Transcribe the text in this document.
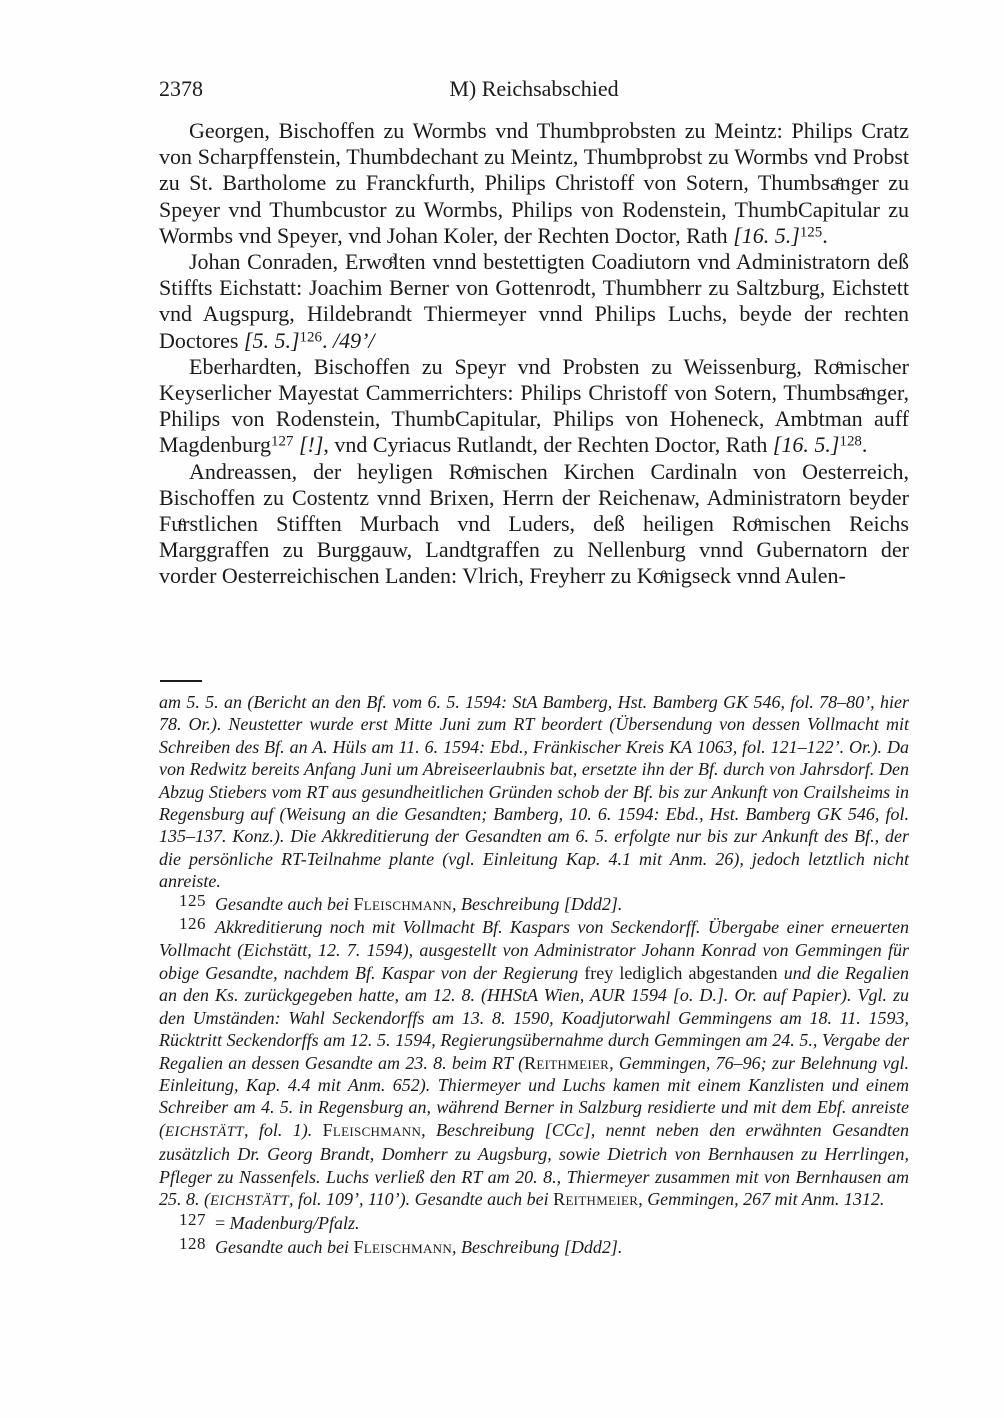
2378	M) Reichsabschied

Georgen, Bischoffen zu Wormbs vnd Thumbprobsten zu Meintz: Philips Cratz von Scharpffenstein, Thumbdechant zu Meintz, Thumbprobst zu Wormbs vnd Probst zu St. Bartholome zu Franckfurth, Philips Christoff von Sotern, Thumbsaͤnger zu Speyer vnd Thumbcustor zu Wormbs, Philips von Rodenstein, ThumbCapitular zu Wormbs vnd Speyer, vnd Johan Koler, der Rechten Doctor, Rath [16. 5.]$^{125}$.

Johan Conraden, Erwoͤlten vnnd bestettigten Coadiutorn vnd Administratorn deß Stiffts Eichstatt: Joachim Berner von Gottenrodt, Thumbherr zu Saltzburg, Eichstett vnd Augspurg, Hildebrandt Thiermeyer vnnd Philips Luchs, beyde der rechten Doctores [5. 5.]$^{126}$. /49’/

Eberhardten, Bischoffen zu Speyr vnd Probsten zu Weissenburg, Roͤmischer Keyserlicher Mayestat Cammerrichters: Philips Christoff von Sotern, Thumbsaͤnger, Philips von Rodenstein, ThumbCapitular, Philips von Hoheneck, Ambtman auff Magdenburg$^{127}$ [!], vnd Cyriacus Rutlandt, der Rechten Doctor, Rath [16. 5.]$^{128}$.

Andreassen, der heyligen Roͤmischen Kirchen Cardinaln von Oesterreich, Bischoffen zu Costentz vnnd Brixen, Herrn der Reichenaw, Administratorn beyder Fuͤrstlichen Stifften Murbach vnd Luders, deß heiligen Roͤmischen Reichs Marggraffen zu Burggauw, Landtgraffen zu Nellenburg vnnd Gubernatorn der vorder Oesterreichischen Landen: Vlrich, Freyherr zu Koͤnigseck vnnd Aulen-

am 5. 5. an (Bericht an den Bf. vom 6. 5. 1594: StA Bamberg, Hst. Bamberg GK 546, fol. 78–80’, hier 78. Or.). Neustetter wurde erst Mitte Juni zum RT beordert (Übersendung von dessen Vollmacht mit Schreiben des Bf. an A. Hüls am 11. 6. 1594: Ebd., Fränkischer Kreis KA 1063, fol. 121–122’. Or.). Da von Redwitz bereits Anfang Juni um Abreiseerlaubnis bat, ersetzte ihn der Bf. durch von Jahrsdorf. Den Abzug Stiebers vom RT aus gesundheitlichen Gründen schob der Bf. bis zur Ankunft von Crailsheims in Regensburg auf (Weisung an die Gesandten; Bamberg, 10. 6. 1594: Ebd., Hst. Bamberg GK 546, fol. 135–137. Konz.). Die Akkreditierung der Gesandten am 6. 5. erfolgte nur bis zur Ankunft des Bf., der die persönliche RT-Teilnahme plante (vgl. Einleitung Kap. 4.1 mit Anm. 26), jedoch letztlich nicht anreiste.

125 Gesandte auch bei Fleischmann, Beschreibung [Ddd2].

126 Akkreditierung noch mit Vollmacht Bf. Kaspars von Seckendorff. Übergabe einer erneuerten Vollmacht (Eichstätt, 12. 7. 1594), ausgestellt von Administrator Johann Konrad von Gemmingen für obige Gesandte, nachdem Bf. Kaspar von der Regierung frey lediglich abgestanden und die Regalien an den Ks. zurückgegeben hatte, am 12. 8. (HHStA Wien, AUR 1594 [o. D.]. Or. auf Papier). Vgl. zu den Umständen: Wahl Seckendorffs am 13. 8. 1590, Koadjutorwahl Gemmingens am 18. 11. 1593, Rücktritt Seckendorffs am 12. 5. 1594, Regierungsübernahme durch Gemmingen am 24. 5., Vergabe der Regalien an dessen Gesandte am 23. 8. beim RT (Reithmeier, Gemmingen, 76–96; zur Belehnung vgl. Einleitung, Kap. 4.4 mit Anm. 652). Thiermeyer und Luchs kamen mit einem Kanzlisten und einem Schreiber am 4. 5. in Regensburg an, während Berner in Salzburg residierte und mit dem Ebf. anreiste (EICHSTÄTT, fol. 1). Fleischmann, Beschreibung [CCc], nennt neben den erwähnten Gesandten zusätzlich Dr. Georg Brandt, Domherr zu Augsburg, sowie Dietrich von Bernhausen zu Herrlingen, Pfleger zu Nassenfels. Luchs verließ den RT am 20. 8., Thiermeyer zusammen mit von Bernhausen am 25. 8. (EICHSTÄTT, fol. 109’, 110’). Gesandte auch bei Reithmeier, Gemmingen, 267 mit Anm. 1312.

127 = Madenburg/Pfalz.

128 Gesandte auch bei Fleischmann, Beschreibung [Ddd2].
